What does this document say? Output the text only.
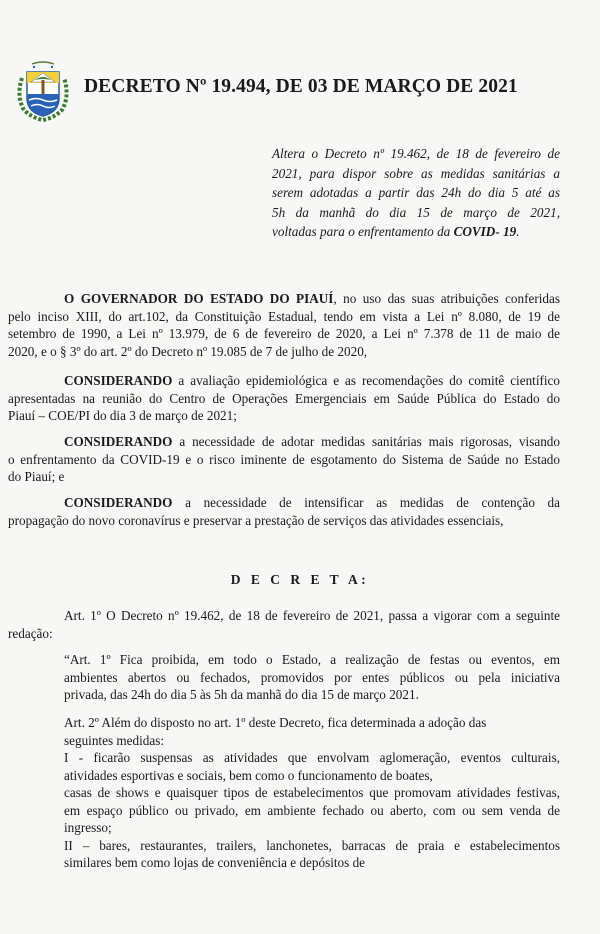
DECRETO Nº 19.494, DE 03 DE MARÇO DE 2021
Altera o Decreto nº 19.462, de 18 de fevereiro de
2021, para dispor sobre as medidas sanitárias a
serem adotadas a partir das 24h do dia 5 até as
5h da manhã do dia 15 de março de 2021,
voltadas para o enfrentamento da COVID- 19.
O GOVERNADOR DO ESTADO DO PIAUÍ, no uso das suas atribuições conferidas
pelo inciso XIII, do art.102, da Constituição Estadual, tendo em vista a Lei nº 8.080, de 19 de
setembro de 1990, a Lei nº 13.979, de 6 de fevereiro de 2020, a Lei nº 7.378 de 11 de maio de
2020, e o § 3º do art. 2º do Decreto nº 19.085 de 7 de julho de 2020,
CONSIDERANDO a avaliação epidemiológica e as recomendações do comitê científico
apresentadas na reunião do Centro de Operações Emergenciais em Saúde Pública do Estado do
Piauí – COE/PI do dia 3 de março de 2021;
CONSIDERANDO a necessidade de adotar medidas sanitárias mais rigorosas, visando
o enfrentamento da COVID-19 e o risco iminente de esgotamento do Sistema de Saúde no Estado
do Piauí; e
CONSIDERANDO a necessidade de intensificar as medidas de contenção da
propagação do novo coronavírus e preservar a prestação de serviços das atividades essenciais,
D E C R E T A:
Art. 1º O Decreto nº 19.462, de 18 de fevereiro de 2021, passa a vigorar com a seguinte
redação:
“Art. 1º Fica proibida, em todo o Estado, a realização de festas ou eventos, em
ambientes abertos ou fechados, promovidos por entes públicos ou pela iniciativa
privada, das 24h do dia 5 às 5h da manhã do dia 15 de março 2021.
Art. 2º Além do disposto no art. 1º deste Decreto, fica determinada a adoção das
seguintes medidas:
I - ficarão suspensas as atividades que envolvam aglomeração, eventos culturais,
atividades esportivas e sociais, bem como o funcionamento de boates,
casas de shows e quaisquer tipos de estabelecimentos que promovam atividades festivas,
em espaço público ou privado, em ambiente fechado ou aberto, com ou sem venda de
ingresso;
II – bares, restaurantes, trailers, lanchonetes, barracas de praia e estabelecimentos
similares bem como lojas de conveniência e depósitos de
